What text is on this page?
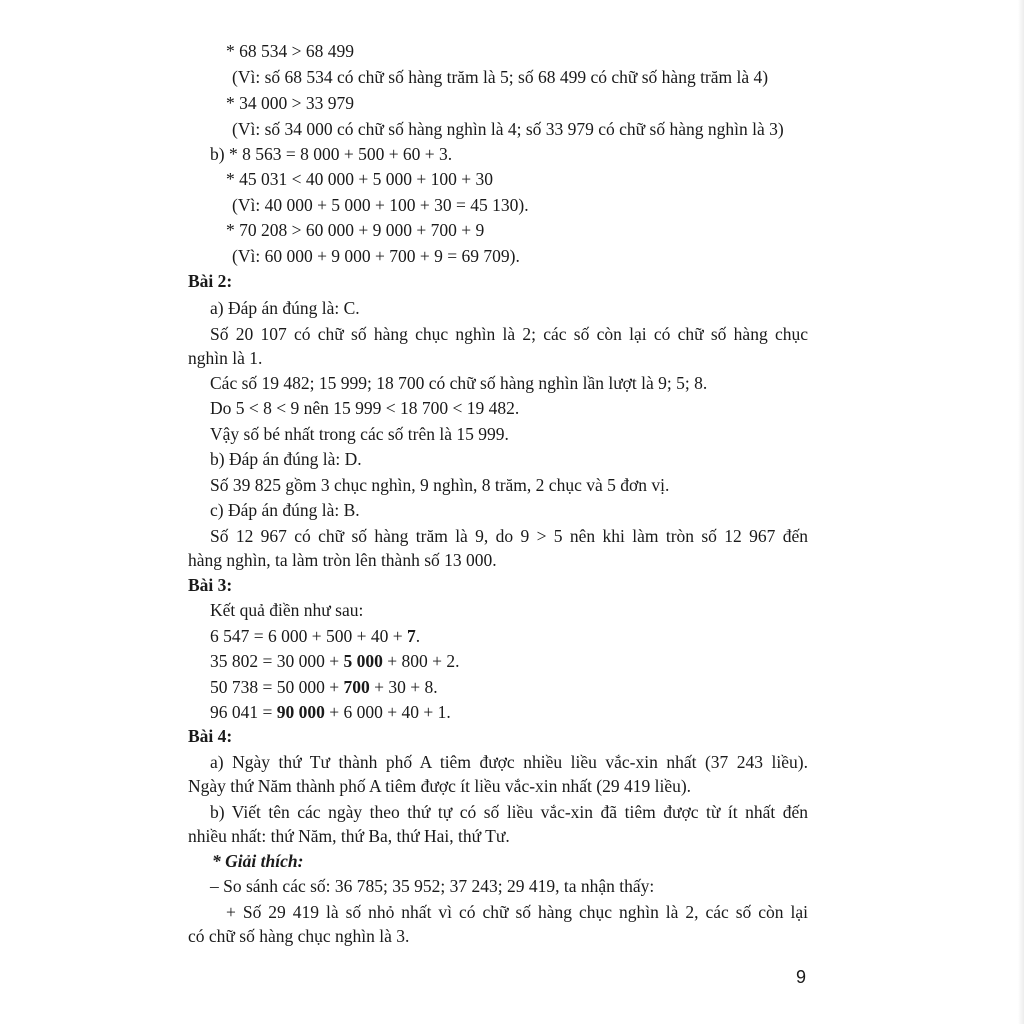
* 68 534 > 68 499
(Vì: số 68 534 có chữ số hàng trăm là 5; số 68 499 có chữ số hàng trăm là 4)
* 34 000 > 33 979
(Vì: số 34 000 có chữ số hàng nghìn là 4; số 33 979 có chữ số hàng nghìn là 3)
b) * 8 563 = 8 000 + 500 + 60 + 3.
* 45 031 < 40 000 + 5 000 + 100 + 30
(Vì: 40 000 + 5 000 + 100 + 30 = 45 130).
* 70 208 > 60 000 + 9 000 + 700 + 9
(Vì: 60 000 + 9 000 + 700 + 9 = 69 709).
Bài 2:
a) Đáp án đúng là: C.
Số 20 107 có chữ số hàng chục nghìn là 2; các số còn lại có chữ số hàng chục
nghìn là 1.
Các số 19 482; 15 999; 18 700 có chữ số hàng nghìn lần lượt là 9; 5; 8.
Do 5 < 8 < 9 nên 15 999 < 18 700 < 19 482.
Vậy số bé nhất trong các số trên là 15 999.
b) Đáp án đúng là: D.
Số 39 825 gồm 3 chục nghìn, 9 nghìn, 8 trăm, 2 chục và 5 đơn vị.
c) Đáp án đúng là: B.
Số 12 967 có chữ số hàng trăm là 9, do 9 > 5 nên khi làm tròn số 12 967 đến
hàng nghìn, ta làm tròn lên thành số 13 000.
Bài 3:
Kết quả điền như sau:
6 547 = 6 000 + 500 + 40 + 7.
35 802 = 30 000 + 5 000 + 800 + 2.
50 738 = 50 000 + 700 + 30 + 8.
96 041 = 90 000 + 6 000 + 40 + 1.
Bài 4:
a) Ngày thứ Tư thành phố A tiêm được nhiều liều vắc-xin nhất (37 243 liều).
Ngày thứ Năm thành phố A tiêm được ít liều vắc-xin nhất (29 419 liều).
b) Viết tên các ngày theo thứ tự có số liều vắc-xin đã tiêm được từ ít nhất đến
nhiều nhất: thứ Năm, thứ Ba, thứ Hai, thứ Tư.
* Giải thích:
– So sánh các số: 36 785; 35 952; 37 243; 29 419, ta nhận thấy:
+ Số 29 419 là số nhỏ nhất vì có chữ số hàng chục nghìn là 2, các số còn lại
có chữ số hàng chục nghìn là 3.
9
